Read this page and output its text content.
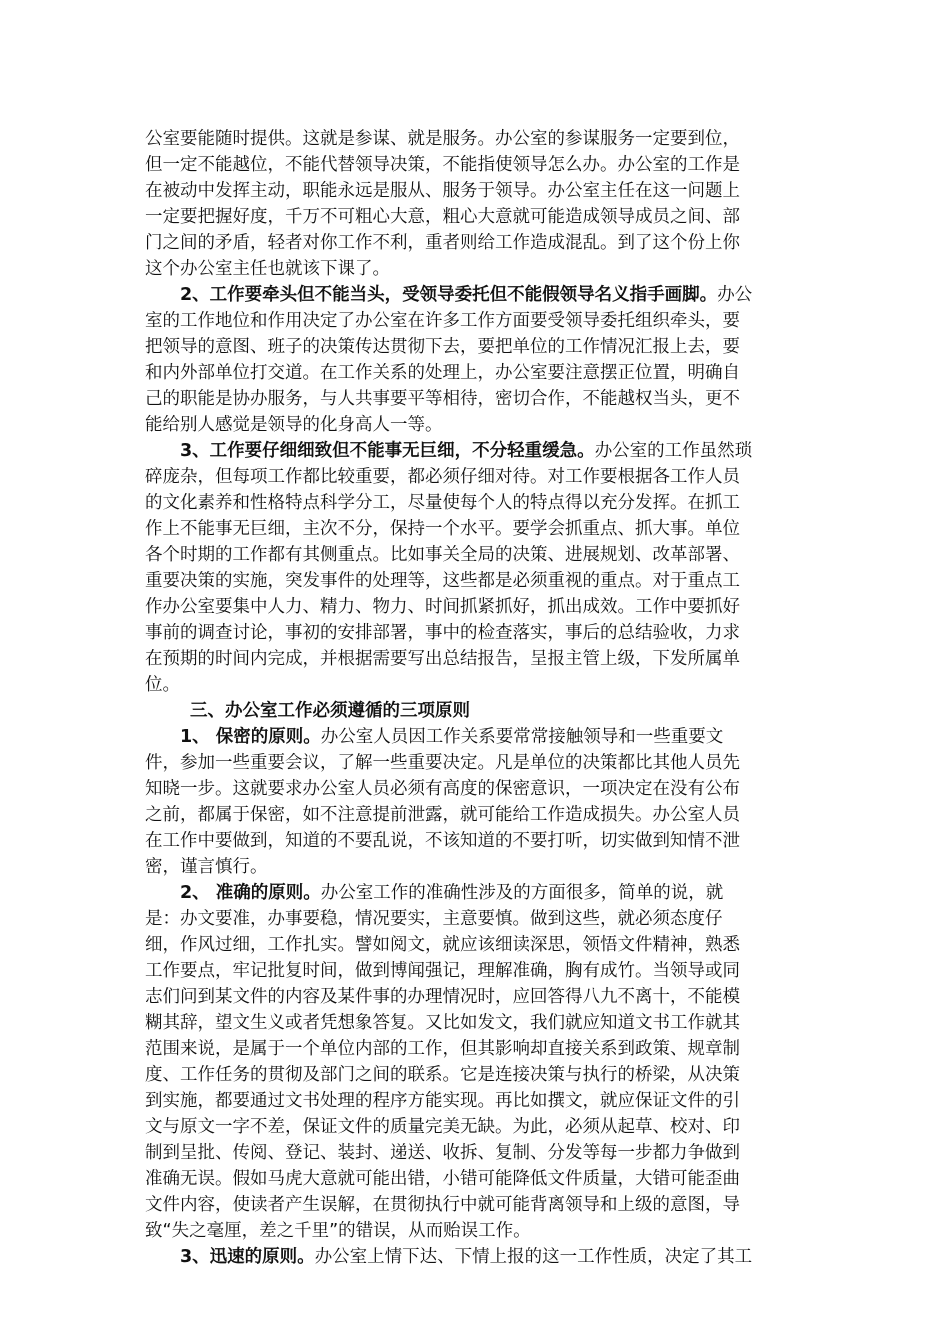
公室要能随时提供。这就是参谋、就是服务。办公室的参谋服务一定要到位，
但一定不能越位，不能代替领导决策，不能指使领导怎么办。办公室的工作是
在被动中发挥主动，职能永远是服从、服务于领导。办公室主任在这一问题上
一定要把握好度，千万不可粗心大意，粗心大意就可能造成领导成员之间、部
门之间的矛盾，轻者对你工作不利，重者则给工作造成混乱。到了这个份上你
这个办公室主任也就该下课了。
2、工作要牵头但不能当头，受领导委托但不能假领导名义指手画脚。办公
室的工作地位和作用决定了办公室在许多工作方面要受领导委托组织牵头，要
把领导的意图、班子的决策传达贯彻下去，要把单位的工作情况汇报上去，要
和内外部单位打交道。在工作关系的处理上，办公室要注意摆正位置，明确自
己的职能是协办服务，与人共事要平等相待，密切合作，不能越权当头，更不
能给别人感觉是领导的化身高人一等。
3、工作要仔细细致但不能事无巨细，不分轻重缓急。办公室的工作虽然琐
碎庞杂，但每项工作都比较重要，都必须仔细对待。对工作要根据各工作人员
的文化素养和性格特点科学分工，尽量使每个人的特点得以充分发挥。在抓工
作上不能事无巨细，主次不分，保持一个水平。要学会抓重点、抓大事。单位
各个时期的工作都有其侧重点。比如事关全局的决策、进展规划、改革部署、
重要决策的实施，突发事件的处理等，这些都是必须重视的重点。对于重点工
作办公室要集中人力、精力、物力、时间抓紧抓好，抓出成效。工作中要抓好
事前的调查讨论，事初的安排部署，事中的检查落实，事后的总结验收，力求
在预期的时间内完成，并根据需要写出总结报告，呈报主管上级，下发所属单
位。
三、办公室工作必须遵循的三项原则
1、 保密的原则。办公室人员因工作关系要常常接触领导和一些重要文
件，参加一些重要会议，了解一些重要决定。凡是单位的决策都比其他人员先
知晓一步。这就要求办公室人员必须有高度的保密意识，一项决定在没有公布
之前，都属于保密，如不注意提前泄露，就可能给工作造成损失。办公室人员
在工作中要做到，知道的不要乱说，不该知道的不要打听，切实做到知情不泄
密，谨言慎行。
2、 准确的原则。办公室工作的准确性涉及的方面很多，简单的说，就
是：办文要准，办事要稳，情况要实，主意要慎。做到这些，就必须态度仔
细，作风过细，工作扎实。譬如阅文，就应该细读深思，领悟文件精神，熟悉
工作要点，牢记批复时间，做到博闻强记，理解准确，胸有成竹。当领导或同
志们问到某文件的内容及某件事的办理情况时，应回答得八九不离十，不能模
糊其辞，望文生义或者凭想象答复。又比如发文，我们就应知道文书工作就其
范围来说，是属于一个单位内部的工作，但其影响却直接关系到政策、规章制
度、工作任务的贯彻及部门之间的联系。它是连接决策与执行的桥梁，从决策
到实施，都要通过文书处理的程序方能实现。再比如撰文，就应保证文件的引
文与原文一字不差，保证文件的质量完美无缺。为此，必须从起草、校对、印
制到呈批、传阅、登记、装封、递送、收拆、复制、分发等每一步都力争做到
准确无误。假如马虎大意就可能出错，小错可能降低文件质量，大错可能歪曲
文件内容，使读者产生误解，在贯彻执行中就可能背离领导和上级的意图，导
致“失之毫厘，差之千里”的错误，从而贻误工作。
3、迅速的原则。办公室上情下达、下情上报的这一工作性质，决定了其工
